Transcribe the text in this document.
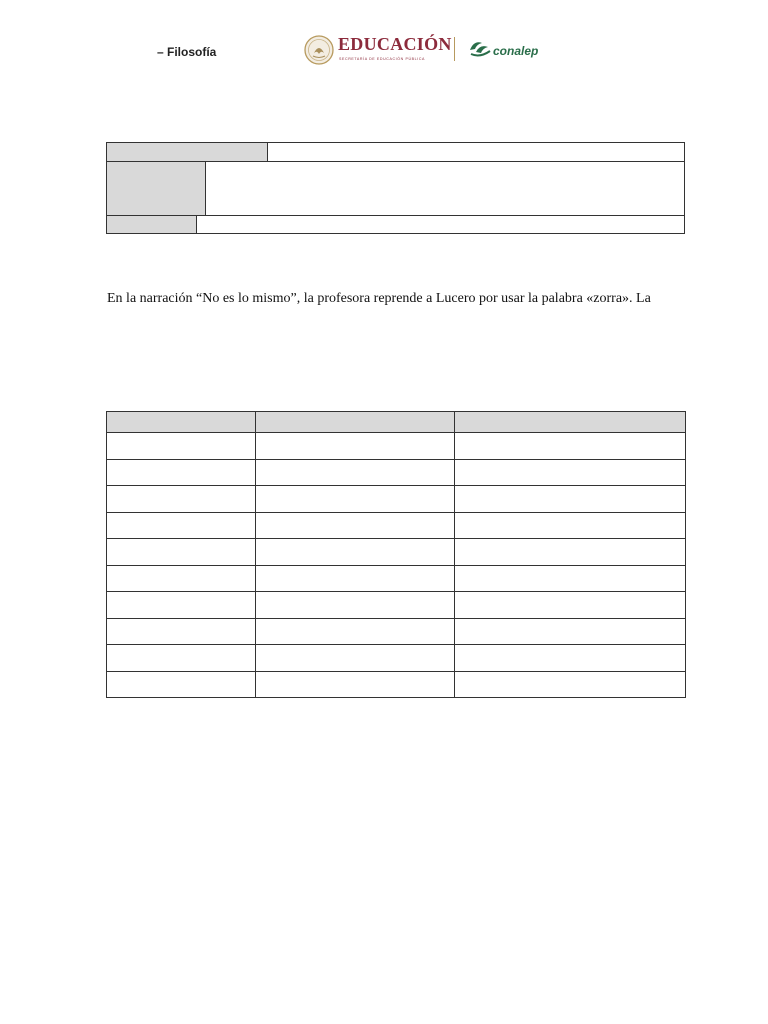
– Filosofía	EDUCACIÓN
SECRETARÍA DE EDUCACIÓN PÚBLICA
conalep
En la narración “No es lo mismo”, la profesora reprende a Lucero por usar la palabra «zorra». La
